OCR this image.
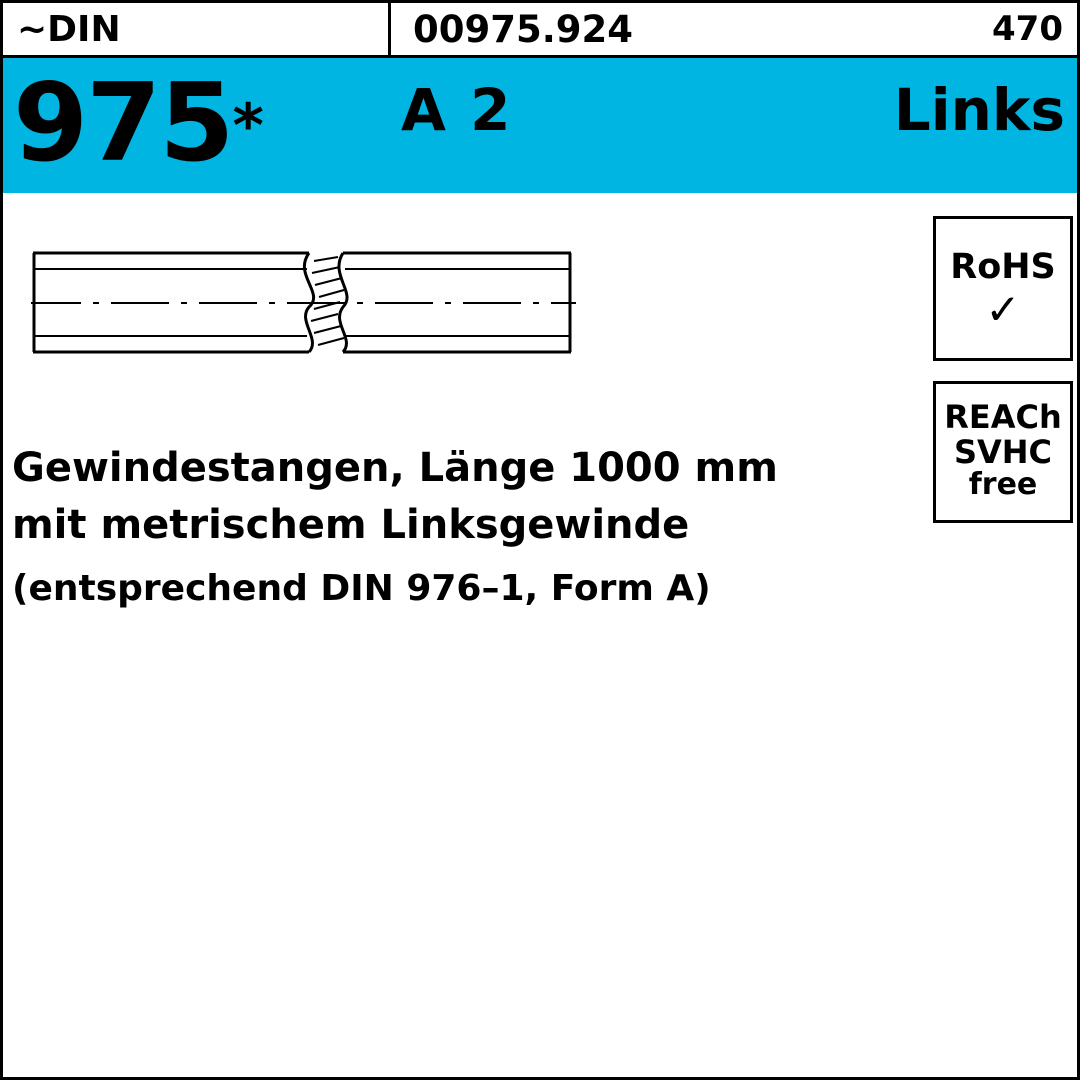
~DIN	00975.924	470
975* A 2	Links
RoHS
✓
REACh
SVHC
free
Gewindestangen, Länge 1000 mm
mit metrischem Linksgewinde
(entsprechend DIN 976–1, Form A)
